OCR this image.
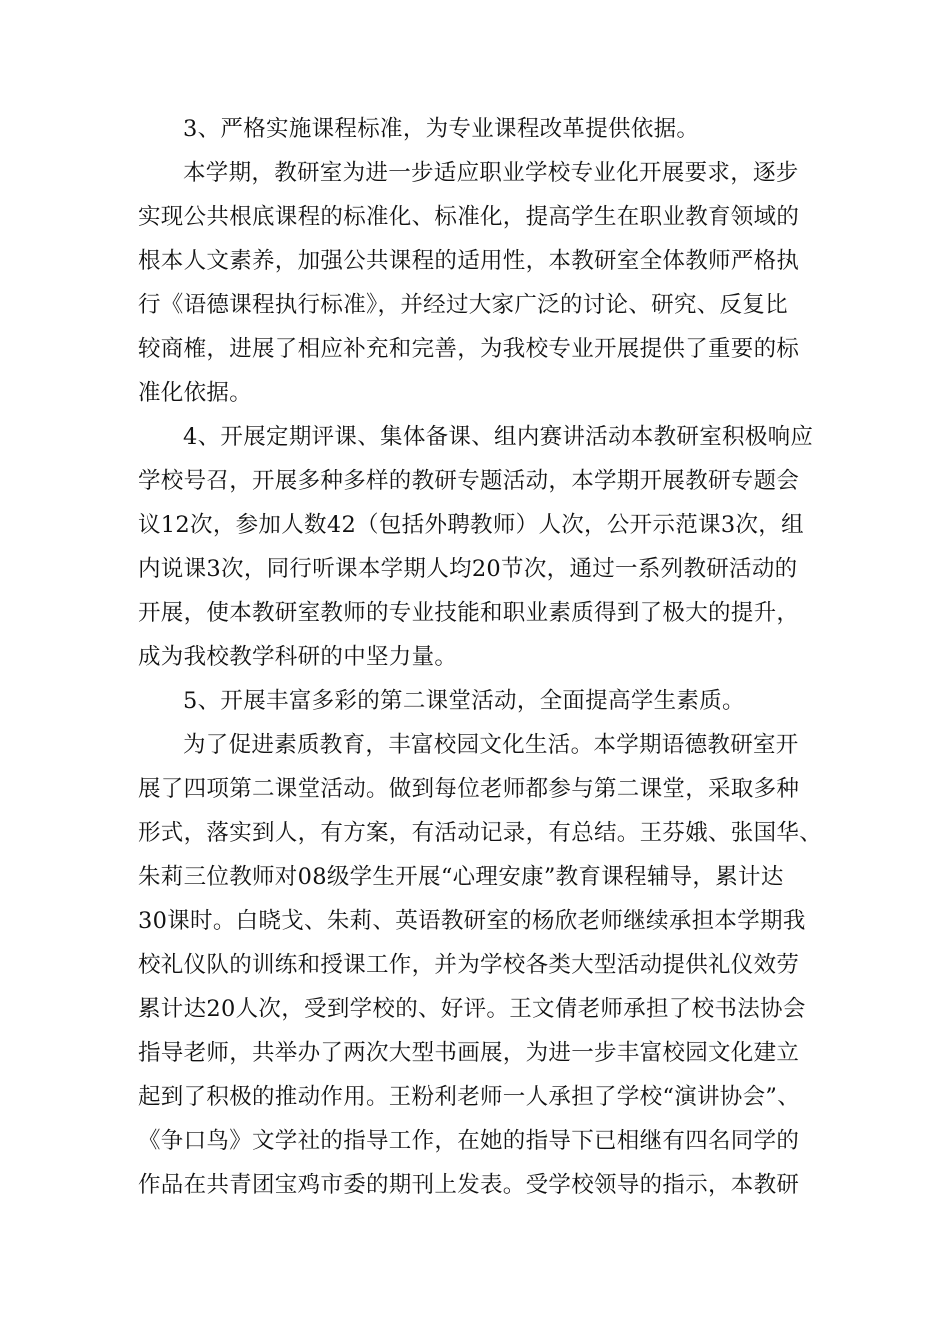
3、严格实施课程标准，为专业课程改革提供依据。
本学期，教研室为进一步适应职业学校专业化开展要求，逐步
实现公共根底课程的标准化、标准化，提高学生在职业教育领域的
根本人文素养，加强公共课程的适用性，本教研室全体教师严格执
行《语德课程执行标准》，并经过大家广泛的讨论、研究、反复比
较商榷，进展了相应补充和完善，为我校专业开展提供了重要的标
准化依据。
4、开展定期评课、集体备课、组内赛讲活动本教研室积极响应
学校号召，开展多种多样的教研专题活动，本学期开展教研专题会
议12次，参加人数42（包括外聘教师）人次，公开示范课3次，组
内说课3次，同行听课本学期人均20节次，通过一系列教研活动的
开展，使本教研室教师的专业技能和职业素质得到了极大的提升，
成为我校教学科研的中坚力量。
5、开展丰富多彩的第二课堂活动，全面提高学生素质。
为了促进素质教育，丰富校园文化生活。本学期语德教研室开
展了四项第二课堂活动。做到每位老师都参与第二课堂，采取多种
形式，落实到人，有方案，有活动记录，有总结。王芬娥、张国华、
朱莉三位教师对08级学生开展“心理安康”教育课程辅导，累计达
30课时。白晓戈、朱莉、英语教研室的杨欣老师继续承担本学期我
校礼仪队的训练和授课工作，并为学校各类大型活动提供礼仪效劳
累计达20人次，受到学校的、好评。王文倩老师承担了校书法协会
指导老师，共举办了两次大型书画展，为进一步丰富校园文化建立
起到了积极的推动作用。王粉利老师一人承担了学校“演讲协会”、
《争口鸟》文学社的指导工作，在她的指导下已相继有四名同学的
作品在共青团宝鸡市委的期刊上发表。受学校领导的指示，本教研
